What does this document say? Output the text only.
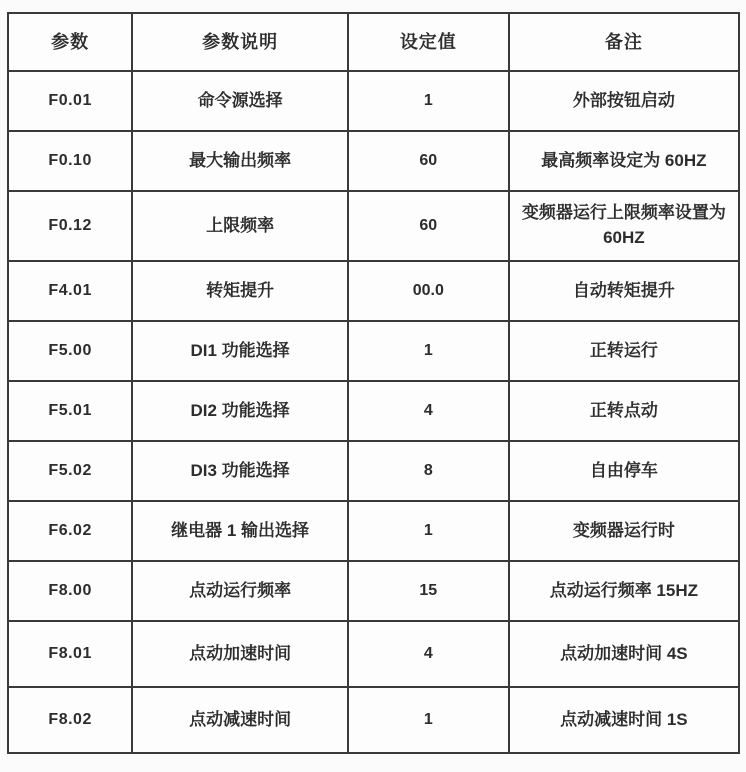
参数	参数说明	设定值	备注
F0.01	命令源选择	1	外部按钮启动
F0.10	最大输出频率	60	最高频率设定为 60HZ
F0.12	上限频率	60	变频器运行上限频率设置为 60HZ
F4.01	转矩提升	00.0	自动转矩提升
F5.00	DI1 功能选择	1	正转运行
F5.01	DI2 功能选择	4	正转点动
F5.02	DI3 功能选择	8	自由停车
F6.02	继电器 1 输出选择	1	变频器运行时
F8.00	点动运行频率	15	点动运行频率 15HZ
F8.01	点动加速时间	4	点动加速时间 4S
F8.02	点动减速时间	1	点动减速时间 1S
